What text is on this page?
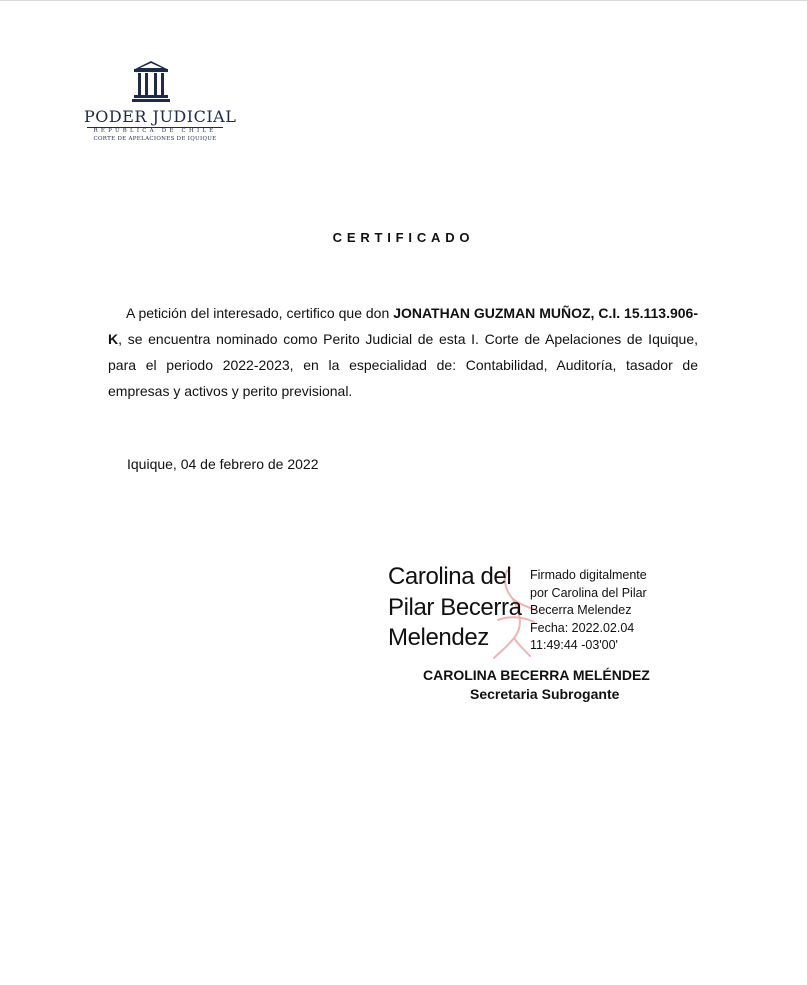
PODER JUDICIAL
REPÚBLICA DE CHILE
CORTE DE APELACIONES DE IQUIQUE
CERTIFICADO

A petición del interesado, certifico que don JONATHAN GUZMAN MUÑOZ, C.I. 15.113.906-K, se encuentra nominado como Perito Judicial de esta I. Corte de Apelaciones de Iquique, para el periodo 2022-2023, en la especialidad de: Contabilidad, Auditoría, tasador de empresas y activos y perito previsional.

Iquique, 04 de febrero de 2022
Carolina del
Pilar Becerra
Melendez
Firmado digitalmente
por Carolina del Pilar
Becerra Melendez
Fecha: 2022.02.04
11:49:44 -03'00'
CAROLINA BECERRA MELÉNDEZ
Secretaria Subrogante
